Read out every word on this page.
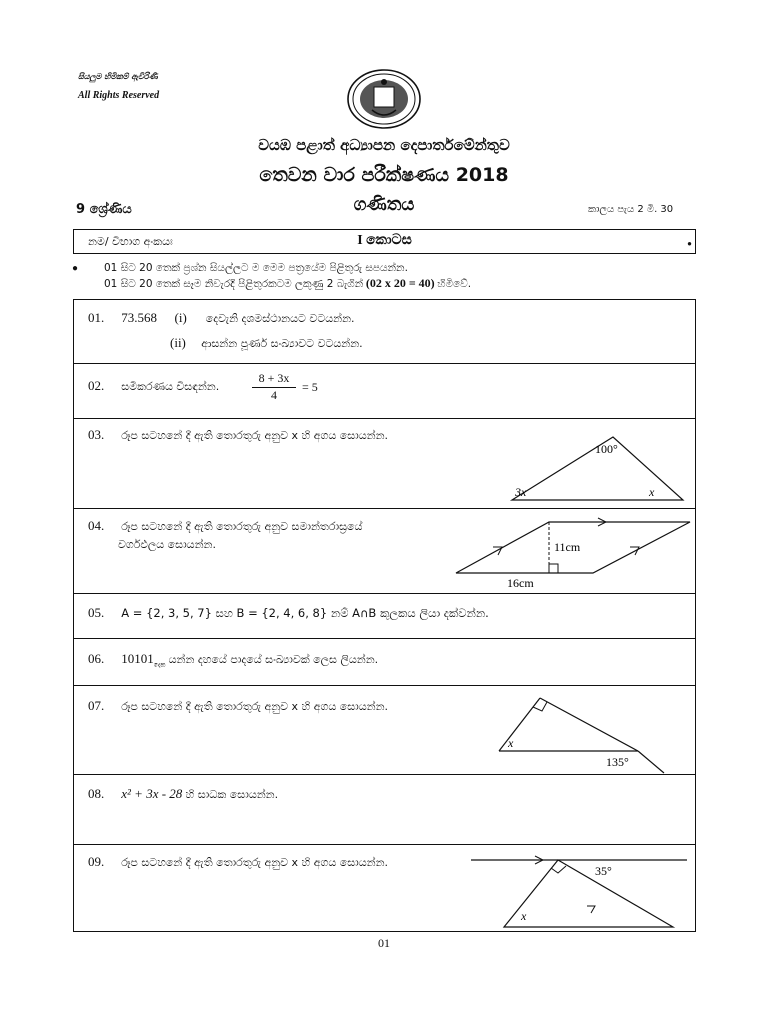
සියලුම හිමිකම් ඇවිරිණි
All Rights Reserved
වයඹ පළාත් අධ්‍යාපන දෙපාර්තමේන්තුව
තෙවන වාර පරීක්ෂණය 2018
9 ශ්‍රේණිය	ගණිතය	කාලය පැය 2 මි. 30
නම/ විභාග අංකයඃ	I කොටස	●
● 01 සිට 20 තෙක් ප්‍රශ්න සියල්ලට ම මෙම පත්‍රයේම පිළිතුරු සපයන්න.
01 සිට 20 තෙක් සෑම නිවැරදි පිළිතුරකටම ලකුණු 2 බැගින් (02 x 20 = 40) හිමිවේ.
01. 73.568 (i) දෙවැනි දශමස්ථානයට වටයන්න.
(ii) ආසන්න පූර්ණ සංඛ්‍යාවට වටයන්න.
02. සමීකරණය විසඳන්න.	$\frac{8 + 3x}{4} = 5$
03. රූප සටහනේ දී ඇති තොරතුරු අනුව x හි අගය සොයන්න.
100°
3x	x
04. රූප සටහනේ දී ඇති තොරතුරු අනුව සමාන්තරාස්‍රයේ
වර්ගඵලය සොයන්න.	11cm
16cm
05. A = {2, 3, 5, 7} සහ B = {2, 4, 6, 8} නම් A∩B කුලකය ලියා දක්වන්න.
06. $10101_{දෙක}$ යන්න දහයේ පාදයේ සංඛ්‍යාවක් ලෙස ලියන්න.
07. රූප සටහනේ දී ඇති තොරතුරු අනුව x හි අගය සොයන්න.
x
135°
08. x² + 3x - 28 හි සාධක සොයන්න.
09. රූප සටහනේ දී ඇති තොරතුරු අනුව x හි අගය සොයන්න.
35°
x
01
